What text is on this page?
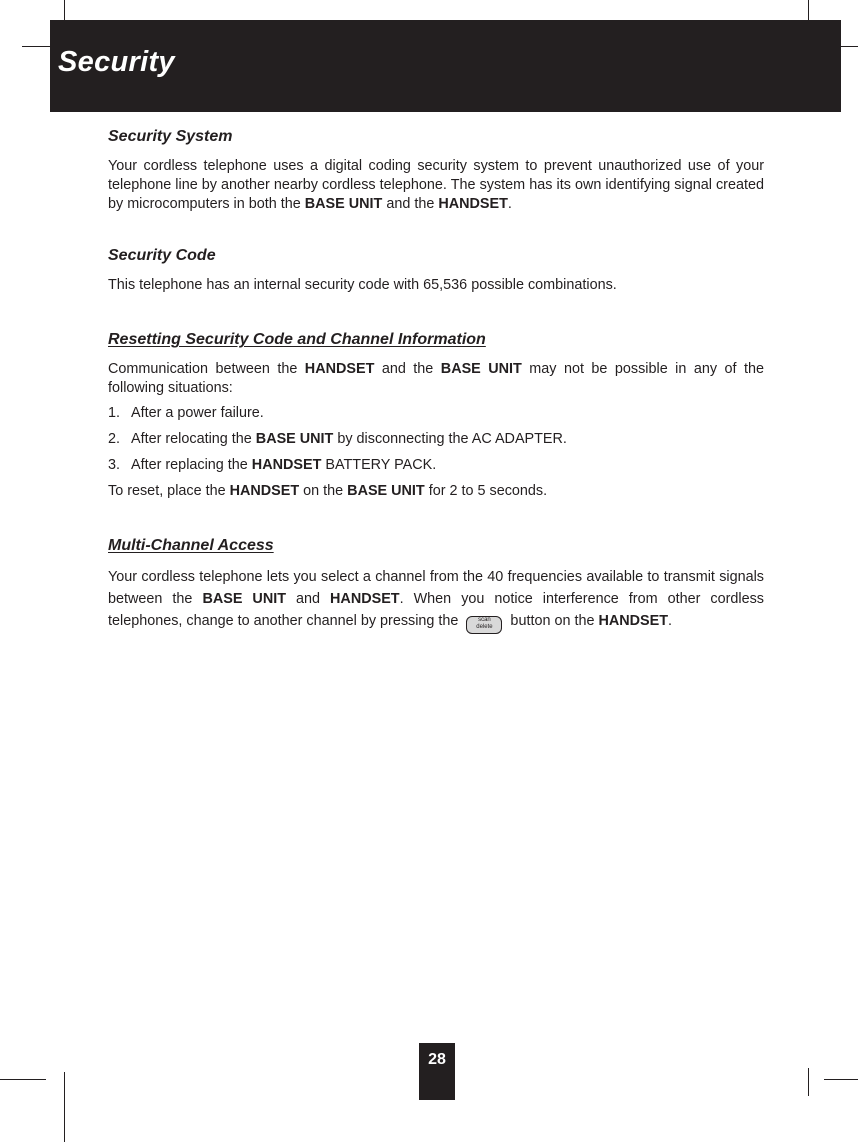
Security
Security System

Your cordless telephone uses a digital coding security system to prevent unauthorized use of your telephone line by another nearby cordless telephone. The system has its own identifying signal created by microcomputers in both the BASE UNIT and the HANDSET.

Security Code

This telephone has an internal security code with 65,536 possible combinations.

Resetting Security Code and Channel Information

Communication between the HANDSET and the BASE UNIT may not be possible in any of the following situations:

1. After a power failure.
2. After relocating the BASE UNIT by disconnecting the AC ADAPTER.
3. After replacing the HANDSET BATTERY PACK.

To reset, place the HANDSET on the BASE UNIT for 2 to 5 seconds.

Multi-Channel Access

Your cordless telephone lets you select a channel from the 40 frequencies available to transmit signals between the BASE UNIT and HANDSET. When you notice interference from other cordless telephones, change to another channel by pressing the	scan
delete button on the HANDSET.

28
